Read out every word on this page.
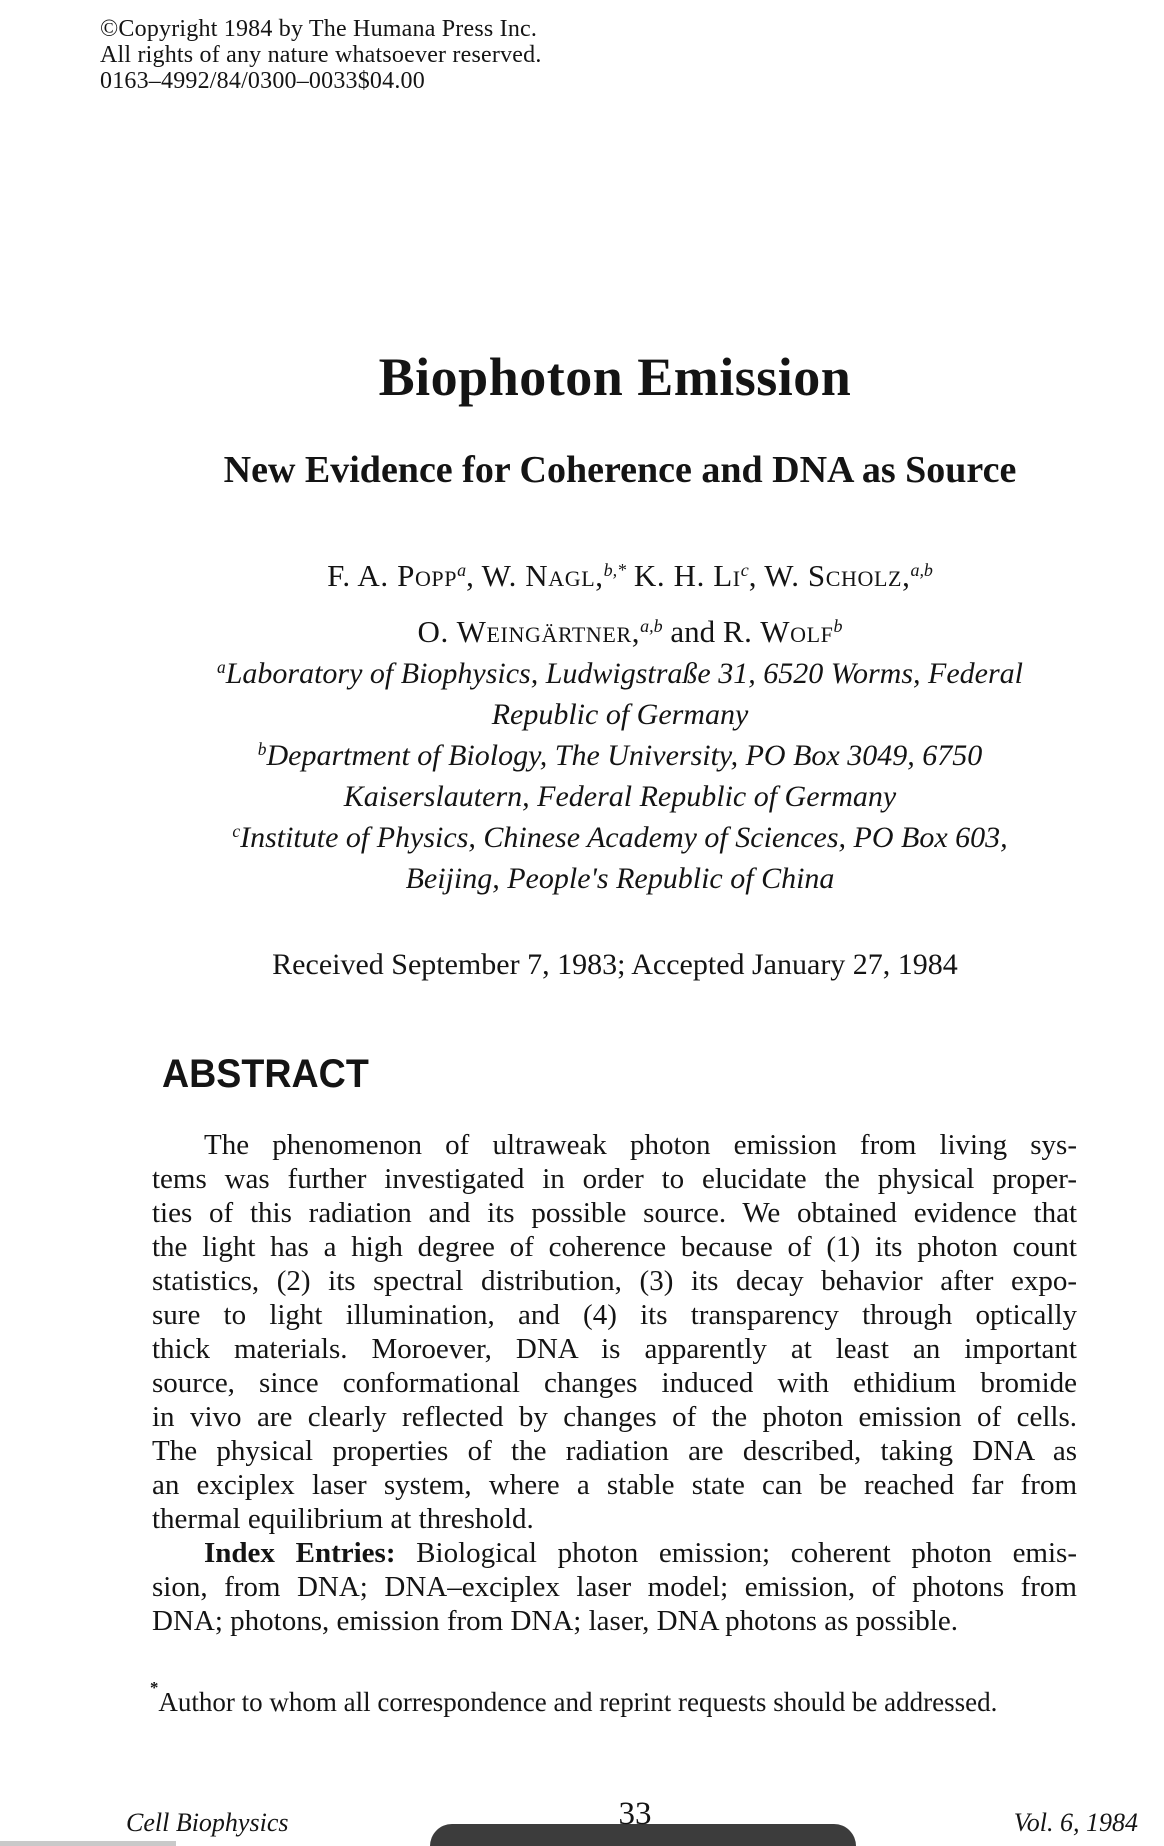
©Copyright 1984 by The Humana Press Inc.
All rights of any nature whatsoever reserved.
0163–4992/84/0300–0033$04.00
Biophoton Emission
New Evidence for Coherence and DNA as Source
F. A. Popp$^a$, W. Nagl,$^{b,*}$ K. H. Li$^c$, W. Scholz,$^{a,b}$
O. Weingärtner,$^{a,b}$ and R. Wolf$^b$
$^a$Laboratory of Biophysics, Ludwigstraße 31, 6520 Worms, Federal
Republic of Germany
$^b$Department of Biology, The University, PO Box 3049, 6750
Kaiserslautern, Federal Republic of Germany
$^c$Institute of Physics, Chinese Academy of Sciences, PO Box 603,
Beijing, People's Republic of China
Received September 7, 1983; Accepted January 27, 1984
ABSTRACT
The phenomenon of ultraweak photon emission from living sys-
tems was further investigated in order to elucidate the physical proper-
ties of this radiation and its possible source. We obtained evidence that
the light has a high degree of coherence because of (1) its photon count
statistics, (2) its spectral distribution, (3) its decay behavior after expo-
sure to light illumination, and (4) its transparency through optically
thick materials. Moroever, DNA is apparently at least an important
source, since conformational changes induced with ethidium bromide
in vivo are clearly reflected by changes of the photon emission of cells.
The physical properties of the radiation are described, taking DNA as
an exciplex laser system, where a stable state can be reached far from
thermal equilibrium at threshold.
Index Entries: Biological photon emission; coherent photon emis-
sion, from DNA; DNA–exciplex laser model; emission, of photons from
DNA; photons, emission from DNA; laser, DNA photons as possible.
*Author to whom all correspondence and reprint requests should be addressed.
Cell Biophysics	33	Vol. 6, 1984
